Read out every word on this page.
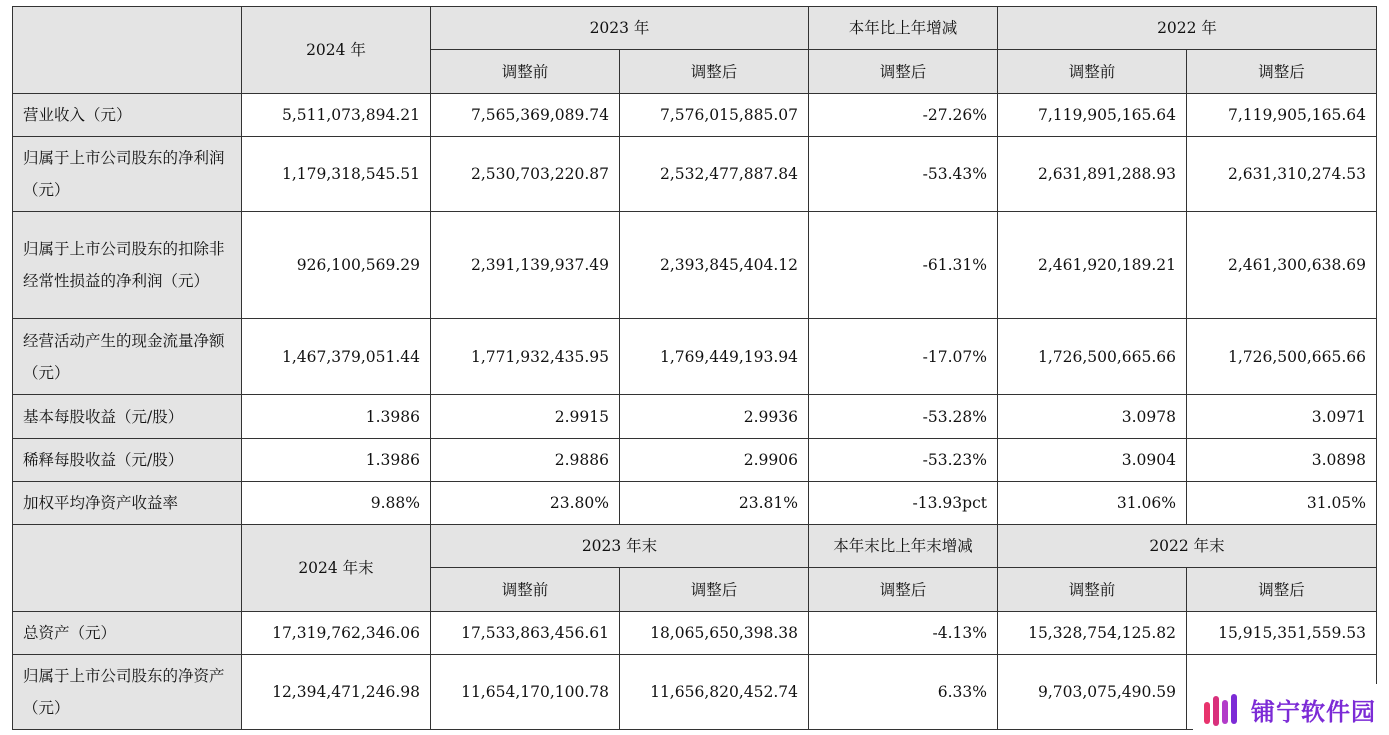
	2024 年	2023 年		本年比上年增减	2022 年	
		调整前	调整后	调整后	调整前	调整后
营业收入（元）	5,511,073,894.21	7,565,369,089.74	7,576,015,885.07	-27.26%	7,119,905,165.64	7,119,905,165.64
归属于上市公司股东的净利润（元）	1,179,318,545.51	2,530,703,220.87	2,532,477,887.84	-53.43%	2,631,891,288.93	2,631,310,274.53
归属于上市公司股东的扣除非经常性损益的净利润（元）	926,100,569.29	2,391,139,937.49	2,393,845,404.12	-61.31%	2,461,920,189.21	2,461,300,638.69
经营活动产生的现金流量净额（元）	1,467,379,051.44	1,771,932,435.95	1,769,449,193.94	-17.07%	1,726,500,665.66	1,726,500,665.66
基本每股收益（元/股）	1.3986	2.9915	2.9936	-53.28%	3.0978	3.0971
稀释每股收益（元/股）	1.3986	2.9886	2.9906	-53.23%	3.0904	3.0898
加权平均净资产收益率	9.88%	23.80%	23.81%	-13.93pct	31.06%	31.05%
	2024 年末	2023 年末		本年末比上年末增减	2022 年末	
		调整前	调整后	调整后	调整前	调整后
总资产（元）	17,319,762,346.06	17,533,863,456.61	18,065,650,398.38	-4.13%	15,328,754,125.82	15,915,351,559.53
归属于上市公司股东的净资产（元）	12,394,471,246.98	11,654,170,100.78	11,656,820,452.74	6.33%	9,703,075,490.59	
铺宁软件园
